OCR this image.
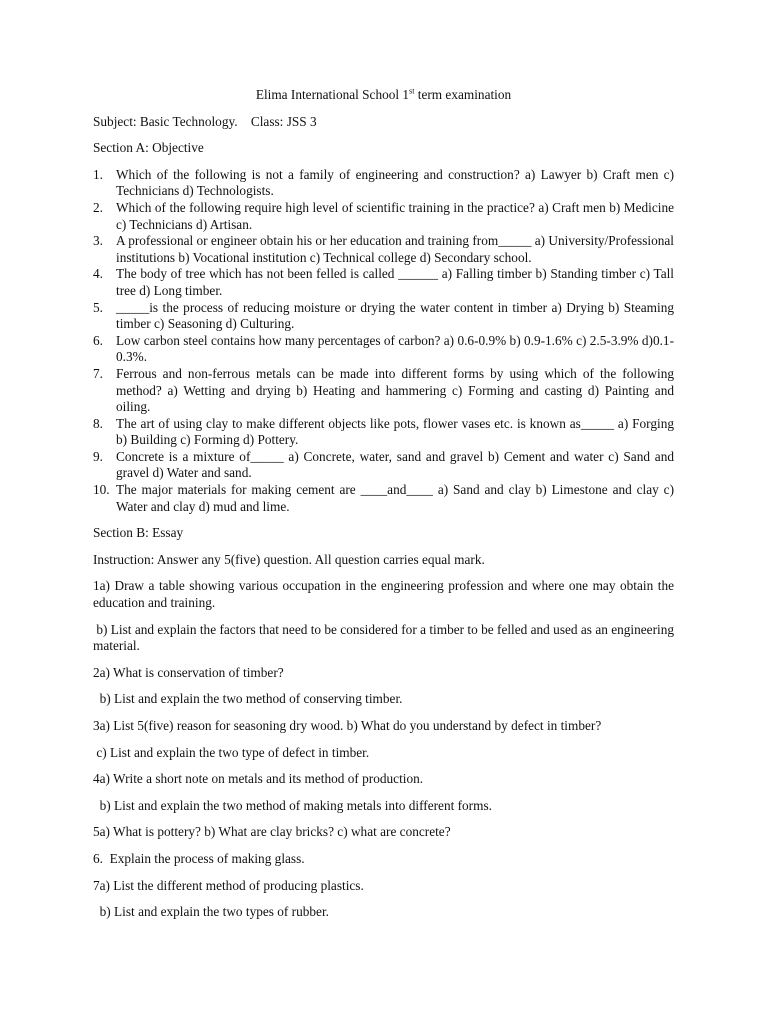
Elima International School 1st term examination
Subject: Basic Technology.    Class: JSS 3
Section A: Objective
1. Which of the following is not a family of engineering and construction? a) Lawyer b) Craft men c) Technicians d) Technologists.
2. Which of the following require high level of scientific training in the practice? a) Craft men b) Medicine c) Technicians d) Artisan.
3. A professional or engineer obtain his or her education and training from_____ a) University/Professional institutions b) Vocational institution c) Technical college d) Secondary school.
4. The body of tree which has not been felled is called ______ a) Falling timber b) Standing timber c) Tall tree d) Long timber.
5. _____is the process of reducing moisture or drying the water content in timber a) Drying b) Steaming timber c) Seasoning d) Culturing.
6. Low carbon steel contains how many percentages of carbon? a) 0.6-0.9% b) 0.9-1.6% c) 2.5-3.9% d)0.1-0.3%.
7. Ferrous and non-ferrous metals can be made into different forms by using which of the following method? a) Wetting and drying b) Heating and hammering c) Forming and casting d) Painting and oiling.
8. The art of using clay to make different objects like pots, flower vases etc. is known as_____ a) Forging b) Building c) Forming d) Pottery.
9. Concrete is a mixture of_____ a) Concrete, water, sand and gravel b) Cement and water c) Sand and gravel d) Water and sand.
10. The major materials for making cement are ____and____ a) Sand and clay b) Limestone and clay c) Water and clay d) mud and lime.
Section B: Essay
Instruction: Answer any 5(five) question. All question carries equal mark.
1a) Draw a table showing various occupation in the engineering profession and where one may obtain the education and training.
b) List and explain the factors that need to be considered for a timber to be felled and used as an engineering material.
2a) What is conservation of timber?
b) List and explain the two method of conserving timber.
3a) List 5(five) reason for seasoning dry wood. b) What do you understand by defect in timber?
c) List and explain the two type of defect in timber.
4a) Write a short note on metals and its method of production.
b) List and explain the two method of making metals into different forms.
5a) What is pottery? b) What are clay bricks? c) what are concrete?
6.  Explain the process of making glass.
7a) List the different method of producing plastics.
b) List and explain the two types of rubber.
